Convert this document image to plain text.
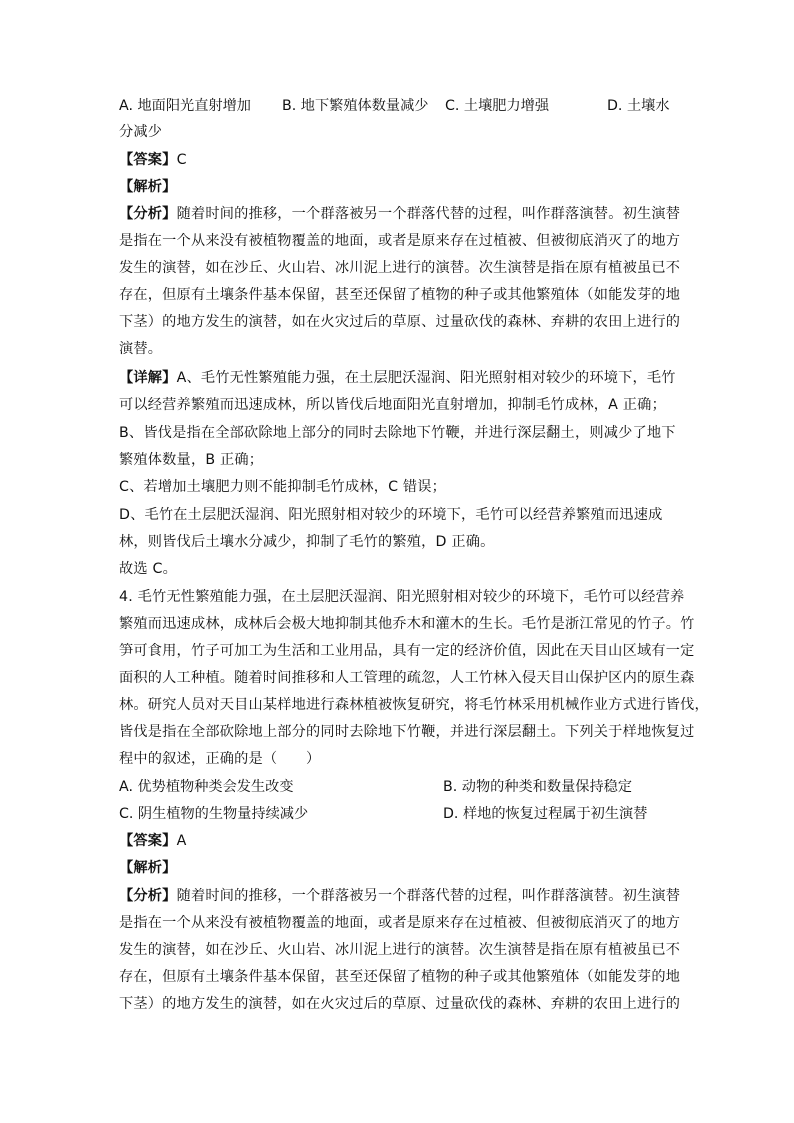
A. 地面阳光直射增加 B. 地下繁殖体数量减少 C. 土壤肥力增强	D. 土壤水
分减少
【答案】C
【解析】
【分析】随着时间的推移，一个群落被另一个群落代替的过程，叫作群落演替。初生演替
是指在一个从来没有被植物覆盖的地面，或者是原来存在过植被、但被彻底消灭了的地方
发生的演替，如在沙丘、火山岩、冰川泥上进行的演替。次生演替是指在原有植被虽已不
存在，但原有土壤条件基本保留，甚至还保留了植物的种子或其他繁殖体（如能发芽的地
下茎）的地方发生的演替，如在火灾过后的草原、过量砍伐的森林、弃耕的农田上进行的
演替。
【详解】A、毛竹无性繁殖能力强，在土层肥沃湿润、阳光照射相对较少的环境下，毛竹
可以经营养繁殖而迅速成林，所以皆伐后地面阳光直射增加，抑制毛竹成林，A 正确；
B、皆伐是指在全部砍除地上部分的同时去除地下竹鞭，并进行深层翻土，则减少了地下
繁殖体数量，B 正确；
C、若增加土壤肥力则不能抑制毛竹成林，C 错误；
D、毛竹在土层肥沃湿润、阳光照射相对较少的环境下，毛竹可以经营养繁殖而迅速成
林，则皆伐后土壤水分减少，抑制了毛竹的繁殖，D 正确。
故选 C。
4. 毛竹无性繁殖能力强，在土层肥沃湿润、阳光照射相对较少的环境下，毛竹可以经营养
繁殖而迅速成林，成林后会极大地抑制其他乔木和灌木的生长。毛竹是浙江常见的竹子。竹
笋可食用，竹子可加工为生活和工业用品，具有一定的经济价值，因此在天目山区域有一定
面积的人工种植。随着时间推移和人工管理的疏忽，人工竹林入侵天目山保护区内的原生森
林。研究人员对天目山某样地进行森林植被恢复研究，将毛竹林采用机械作业方式进行皆伐，
皆伐是指在全部砍除地上部分的同时去除地下竹鞭，并进行深层翻土。下列关于样地恢复过
程中的叙述，正确的是（　　）
A. 优势植物种类会发生改变	B. 动物的种类和数量保持稳定
C. 阴生植物的生物量持续减少	D. 样地的恢复过程属于初生演替
【答案】A
【解析】
【分析】随着时间的推移，一个群落被另一个群落代替的过程，叫作群落演替。初生演替
是指在一个从来没有被植物覆盖的地面，或者是原来存在过植被、但被彻底消灭了的地方
发生的演替，如在沙丘、火山岩、冰川泥上进行的演替。次生演替是指在原有植被虽已不
存在，但原有土壤条件基本保留，甚至还保留了植物的种子或其他繁殖体（如能发芽的地
下茎）的地方发生的演替，如在火灾过后的草原、过量砍伐的森林、弃耕的农田上进行的
